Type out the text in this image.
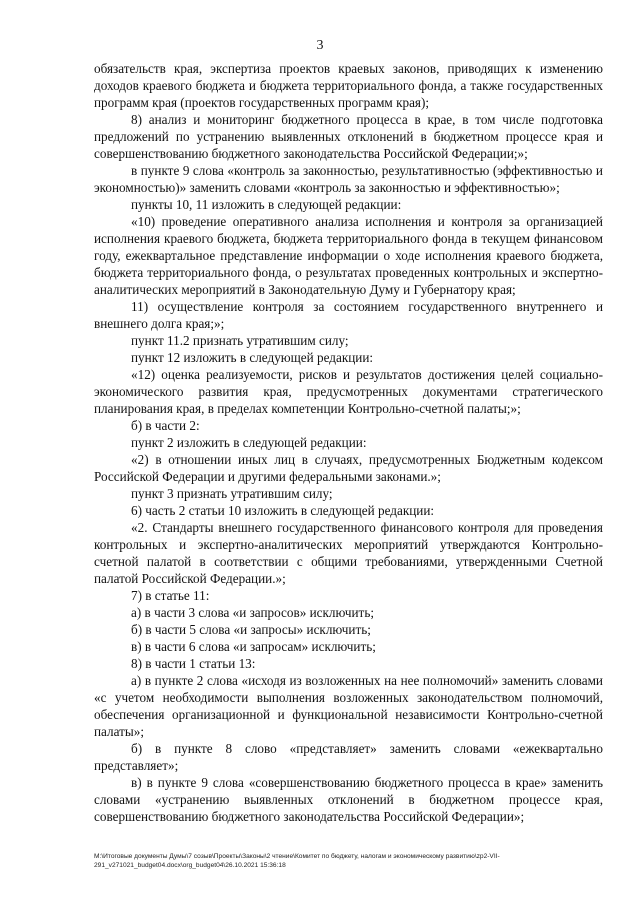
3

обязательств края, экспертиза проектов краевых законов, приводящих к изменению доходов краевого бюджета и бюджета территориального фонда, а также государственных программ края (проектов государственных программ края);

8) анализ и мониторинг бюджетного процесса в крае, в том числе подготовка предложений по устранению выявленных отклонений в бюджетном процессе края и совершенствованию бюджетного законодательства Российской Федерации;»;

в пункте 9 слова «контроль за законностью, результативностью (эффективностью и экономностью)» заменить словами «контроль за законностью и эффективностью»;

пункты 10, 11 изложить в следующей редакции:

«10) проведение оперативного анализа исполнения и контроля за организацией исполнения краевого бюджета, бюджета территориального фонда в текущем финансовом году, ежеквартальное представление информации о ходе исполнения краевого бюджета, бюджета территориального фонда, о результатах проведенных контрольных и экспертно-аналитических мероприятий в Законодательную Думу и Губернатору края;

11) осуществление контроля за состоянием государственного внутреннего и внешнего долга края;»;

пункт 11.2 признать утратившим силу;

пункт 12 изложить в следующей редакции:

«12) оценка реализуемости, рисков и результатов достижения целей социально-экономического развития края, предусмотренных документами стратегического планирования края, в пределах компетенции Контрольно-счетной палаты;»;

б) в части 2:

пункт 2 изложить в следующей редакции:

«2) в отношении иных лиц в случаях, предусмотренных Бюджетным кодексом Российской Федерации и другими федеральными законами.»;

пункт 3 признать утратившим силу;

6) часть 2 статьи 10 изложить в следующей редакции:

«2. Стандарты внешнего государственного финансового контроля для проведения контрольных и экспертно-аналитических мероприятий утверждаются Контрольно-счетной палатой в соответствии с общими требованиями, утвержденными Счетной палатой Российской Федерации.»;

7) в статье 11:

а) в части 3 слова «и запросов» исключить;

б) в части 5 слова «и запросы» исключить;

в) в части 6 слова «и запросам» исключить;

8) в части 1 статьи 13:

а) в пункте 2 слова «исходя из возложенных на нее полномочий» заменить словами «с учетом необходимости выполнения возложенных законодательством полномочий, обеспечения организационной и функциональной независимости Контрольно-счетной палаты»;

б) в пункте 8 слово «представляет» заменить словами «ежеквартально представляет»;

в) в пункте 9 слова «совершенствованию бюджетного процесса в крае» заменить словами «устранению выявленных отклонений в бюджетном процессе края, совершенствованию бюджетного законодательства Российской Федерации»;

M:\Итоговые документы Думы\7 созыв\Проекты\Законы\2 чтение\Комитет по бюджету, налогам и экономическому развитию\zp2-VII-
291_v271021_budget04.docx\org_budget04\26.10.2021 15:36:18
